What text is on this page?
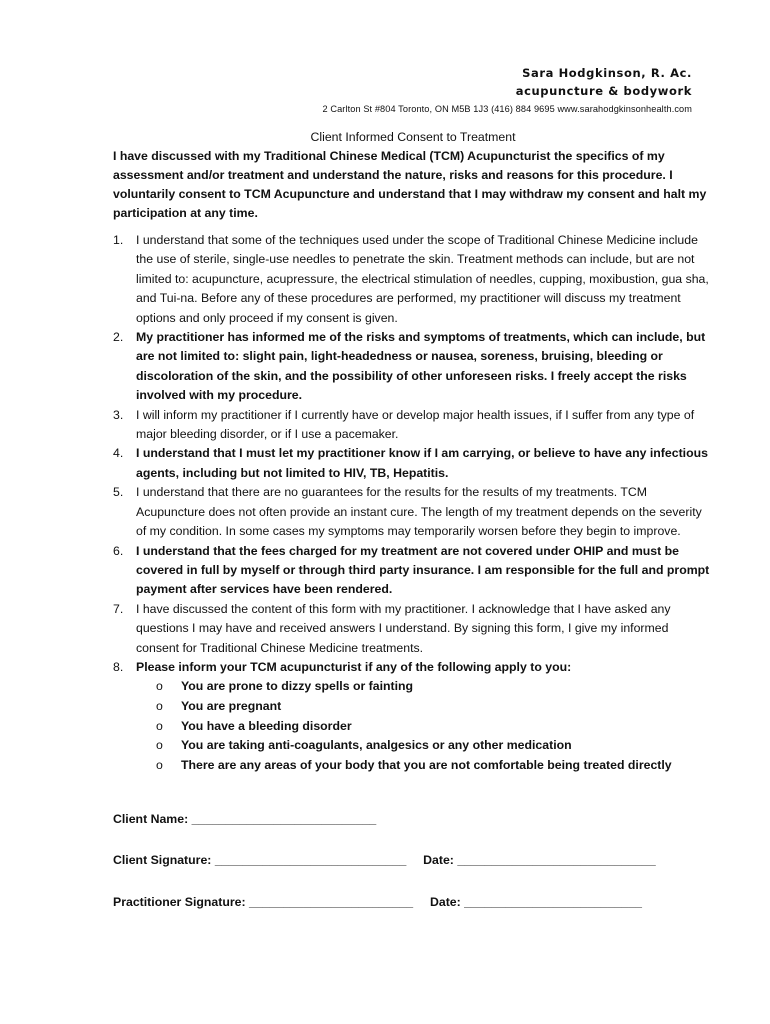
Sara Hodgkinson, R. Ac.
acupuncture & bodywork
2 Carlton St #804 Toronto, ON M5B 1J3 (416) 884 9695 www.sarahodgkinsonhealth.com
Client Informed Consent to Treatment

I have discussed with my Traditional Chinese Medical (TCM) Acupuncturist the specifics of my assessment and/or treatment and understand the nature, risks and reasons for this procedure. I voluntarily consent to TCM Acupuncture and understand that I may withdraw my consent and halt my participation at any time.

1. I understand that some of the techniques used under the scope of Traditional Chinese Medicine include the use of sterile, single-use needles to penetrate the skin. Treatment methods can include, but are not limited to: acupuncture, acupressure, the electrical stimulation of needles, cupping, moxibustion, gua sha, and Tui-na. Before any of these procedures are performed, my practitioner will discuss my treatment options and only proceed if my consent is given.
2. My practitioner has informed me of the risks and symptoms of treatments, which can include, but are not limited to: slight pain, light-headedness or nausea, soreness, bruising, bleeding or discoloration of the skin, and the possibility of other unforeseen risks. I freely accept the risks involved with my procedure.
3. I will inform my practitioner if I currently have or develop major health issues, if I suffer from any type of major bleeding disorder, or if I use a pacemaker.
4. I understand that I must let my practitioner know if I am carrying, or believe to have any infectious agents, including but not limited to HIV, TB, Hepatitis.
5. I understand that there are no guarantees for the results for the results of my treatments. TCM Acupuncture does not often provide an instant cure. The length of my treatment depends on the severity of my condition. In some cases my symptoms may temporarily worsen before they begin to improve.
6. I understand that the fees charged for my treatment are not covered under OHIP and must be covered in full by myself or through third party insurance. I am responsible for the full and prompt payment after services have been rendered.
7. I have discussed the content of this form with my practitioner. I acknowledge that I have asked any questions I may have and received answers I understand. By signing this form, I give my informed consent for Traditional Chinese Medicine treatments.
8. Please inform your TCM acupuncturist if any of the following apply to you:
o You are prone to dizzy spells or fainting
o You are pregnant
o You have a bleeding disorder
o You are taking anti-coagulants, analgesics or any other medication
o There are any areas of your body that you are not comfortable being treated directly
Client Name: ___________________________
Client Signature: ____________________________ Date: _____________________________
Practitioner Signature: ________________________ Date: __________________________
